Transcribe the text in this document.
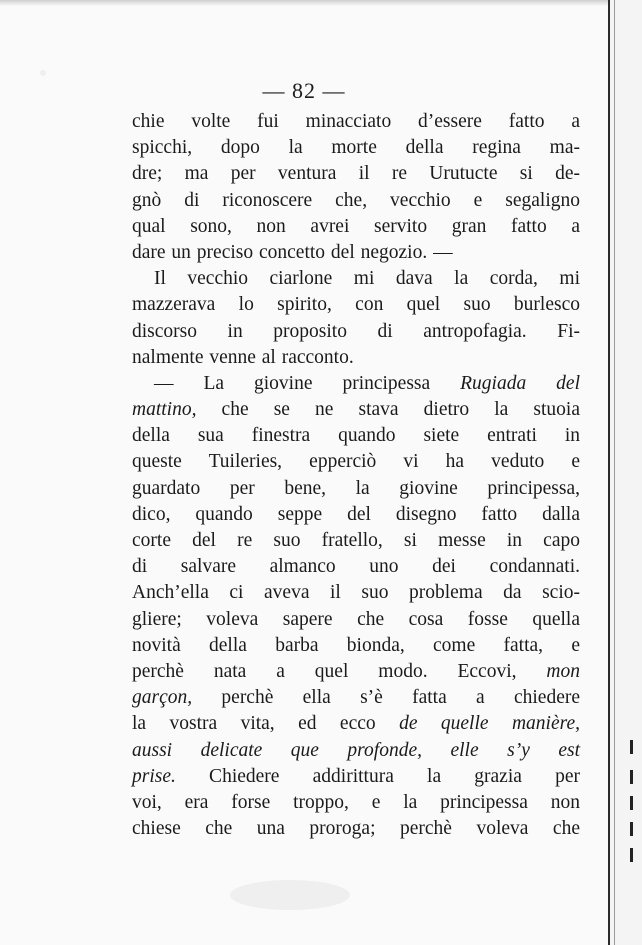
— 82 —
chie volte fui minacciato d’essere fatto a
spicchi, dopo la morte della regina ma-
dre; ma per ventura il re Urutucte si de-
gnò di riconoscere che, vecchio e segaligno
qual sono, non avrei servito gran fatto a
dare un preciso concetto del negozio. —
Il vecchio ciarlone mi dava la corda, mi
mazzerava lo spirito, con quel suo burlesco
discorso in proposito di antropofagia. Fi-
nalmente venne al racconto.
— La giovine principessa Rugiada del
mattino, che se ne stava dietro la stuoia
della sua finestra quando siete entrati in
queste Tuileries, epperciò vi ha veduto e
guardato per bene, la giovine principessa,
dico, quando seppe del disegno fatto dalla
corte del re suo fratello, si messe in capo
di salvare almanco uno dei condannati.
Anch’ella ci aveva il suo problema da scio-
gliere; voleva sapere che cosa fosse quella
novità della barba bionda, come fatta, e
perchè nata a quel modo. Eccovi, mon
garçon, perchè ella s’è fatta a chiedere
la vostra vita, ed ecco de quelle manière,
aussi delicate que profonde, elle s’y est
prise. Chiedere addirittura la grazia per
voi, era forse troppo, e la principessa non
chiese che una proroga; perchè voleva che
